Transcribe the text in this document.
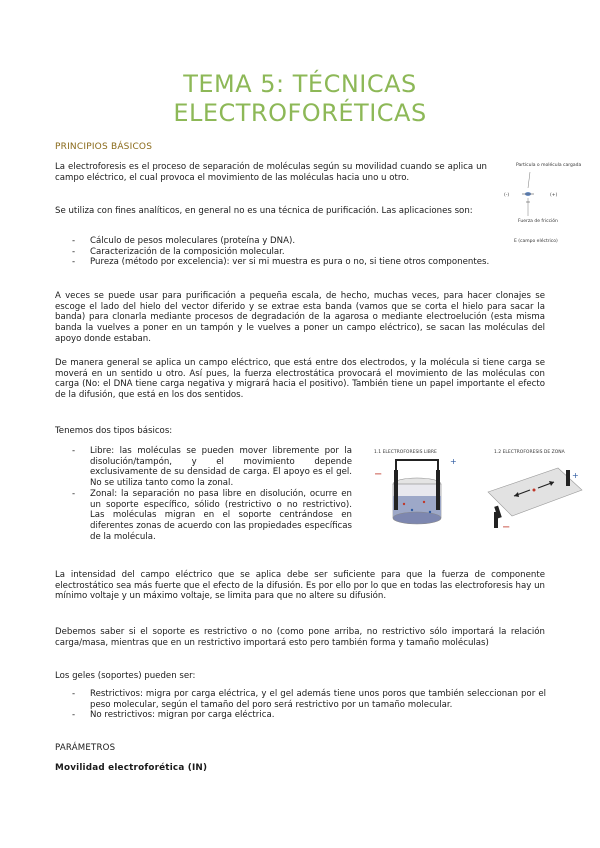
TEMA 5: TÉCNICAS
ELECTROFORÉTICAS
PRINCIPIOS BÁSICOS

La electroforesis es el proceso de separación de moléculas según su movilidad cuando se aplica un campo eléctrico, el cual provoca el movimiento de las moléculas hacia uno u otro.

Se utiliza con fines analíticos, en general no es una técnica de purificación. Las aplicaciones son:

- Cálculo de pesos moleculares (proteína y DNA).
- Caracterización de la composición molecular.
- Pureza (método por excelencia): ver si mi muestra es pura o no, si tiene otros componentes.

A veces se puede usar para purificación a pequeña escala, de hecho, muchas veces, para hacer clonajes se escoge el lado del hielo del vector diferido y se extrae esta banda (vamos que se corta el hielo para sacar la banda) para clonarla mediante procesos de degradación de la agarosa o mediante electroelución (esta misma banda la vuelves a poner en un tampón y le vuelves a poner un campo eléctrico), se sacan las moléculas del apoyo donde estaban.

De manera general se aplica un campo eléctrico, que está entre dos electrodos, y la molécula si tiene carga se moverá en un sentido u otro. Así pues, la fuerza electrostática provocará el movimiento de las moléculas con carga (No: el DNA tiene carga negativa y migrará hacia el positivo). También tiene un papel importante el efecto de la difusión, que está en los dos sentidos.

Tenemos dos tipos básicos:

- Libre: las moléculas se pueden mover libremente por la disolución/tampón, y el movimiento depende exclusivamente de su densidad de carga. El apoyo es el gel. No se utiliza tanto como la zonal.
- Zonal: la separación no pasa libre en disolución, ocurre en un soporte específico, sólido (restrictivo o no restrictivo). Las moléculas migran en el soporte centrándose en diferentes zonas de acuerdo con las propiedades específicas de la molécula.

La intensidad del campo eléctrico que se aplica debe ser suficiente para que la fuerza de componente electrostático sea más fuerte que el efecto de la difusión. Es por ello por lo que en todas las electroforesis hay un mínimo voltaje y un máximo voltaje, se limita para que no altere su difusión.

Debemos saber si el soporte es restrictivo o no (como pone arriba, no restrictivo sólo importará la relación carga/masa, mientras que en un restrictivo importará esto pero también forma y tamaño moléculas)

Los geles (soportes) pueden ser:

- Restrictivos: migra por carga eléctrica, y el gel además tiene unos poros que también seleccionan por el peso molecular, según el tamaño del poro será restrictivo por un tamaño molecular.
- No restrictivos: migran por carga eléctrica.
PARÁMETROS
Movilidad electroforética (IN)
Partícula o molécula cargada
(-)	(+)
Fuerza de fricción
E (campo eléctrico)
1.1 ELECTROFORESIS LIBRE
−
+
1.2 ELECTROFORESIS DE ZONA
−
+
